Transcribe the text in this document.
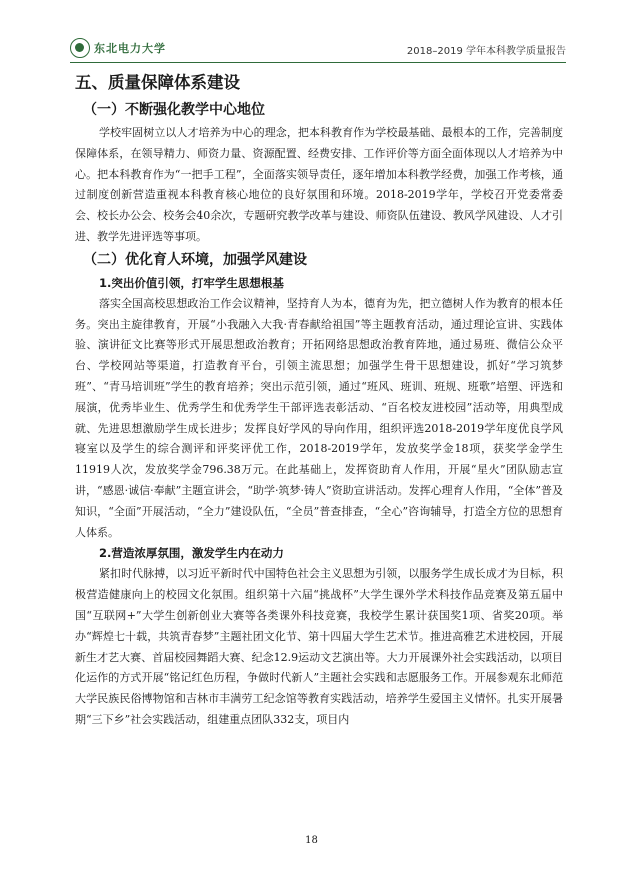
东北电力大学	2018–2019 学年本科教学质量报告
五、质量保障体系建设
（一）不断强化教学中心地位

学校牢固树立以人才培养为中心的理念，把本科教育作为学校最基础、最根本的工作，完善制度保障体系，在领导精力、师资力量、资源配置、经费安排、工作评价等方面全面体现以人才培养为中心。把本科教育作为“一把手工程”，全面落实领导责任，逐年增加本科教学经费，加强工作考核，通过制度创新营造重视本科教育核心地位的良好氛围和环境。2018-2019学年，学校召开党委常委会、校长办公会、校务会40余次，专题研究教学改革与建设、师资队伍建设、教风学风建设、人才引进、教学先进评选等事项。

（二）优化育人环境，加强学风建设
1.突出价值引领，打牢学生思想根基

落实全国高校思想政治工作会议精神，坚持育人为本，德育为先，把立德树人作为教育的根本任务。突出主旋律教育，开展“小我融入大我·青春献给祖国”等主题教育活动，通过理论宣讲、实践体验、演讲征文比赛等形式开展思想政治教育；开拓网络思想政治教育阵地，通过易班、微信公众平台、学校网站等渠道，打造教育平台，引领主流思想；加强学生骨干思想建设，抓好“学习筑梦班”、“青马培训班”学生的教育培养；突出示范引领，通过“班风、班训、班规、班歌”培塑、评选和展演，优秀毕业生、优秀学生和优秀学生干部评选表彰活动、“百名校友进校园”活动等，用典型成就、先进思想激励学生成长进步；发挥良好学风的导向作用，组织评选2018-2019学年度优良学风寝室以及学生的综合测评和评奖评优工作，2018-2019学年，发放奖学金18项，获奖学金学生11919人次，发放奖学金796.38万元。在此基础上，发挥资助育人作用，开展“星火”团队励志宣讲，“感恩·诚信·奉献”主题宣讲会，“助学·筑梦·铸人”资助宣讲活动。发挥心理育人作用，“全体”普及知识，“全面”开展活动，“全力”建设队伍，“全员”普查排查，“全心”咨询辅导，打造全方位的思想育人体系。

2.营造浓厚氛围，激发学生内在动力

紧扣时代脉搏，以习近平新时代中国特色社会主义思想为引领，以服务学生成长成才为目标，积极营造健康向上的校园文化氛围。组织第十六届“挑战杯”大学生课外学术科技作品竞赛及第五届中国“互联网+”大学生创新创业大赛等各类课外科技竞赛，我校学生累计获国奖1项、省奖20项。举办“辉煌七十载，共筑青春梦”主题社团文化节、第十四届大学生艺术节。推进高雅艺术进校园，开展新生才艺大赛、首届校园舞蹈大赛、纪念12.9运动文艺演出等。大力开展课外社会实践活动，以项目化运作的方式开展“铭记红色历程，争做时代新人”主题社会实践和志愿服务工作。开展参观东北师范大学民族民俗博物馆和吉林市丰满劳工纪念馆等教育实践活动，培养学生爱国主义情怀。扎实开展暑期“三下乡”社会实践活动，组建重点团队332支，项目内

18
